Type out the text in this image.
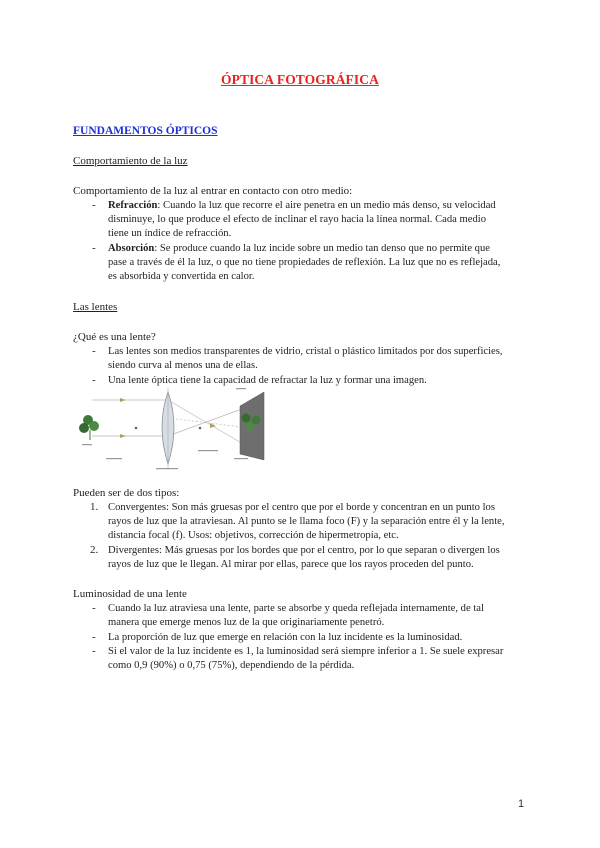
ÓPTICA FOTOGRÁFICA
FUNDAMENTOS ÓPTICOS
Comportamiento de la luz
Comportamiento de la luz al entrar en contacto con otro medio:
- Refracción: Cuando la luz que recorre el aire penetra en un medio más denso, su velocidad
disminuye, lo que produce el efecto de inclinar el rayo hacia la línea normal. Cada medio
tiene un índice de refracción.
- Absorción: Se produce cuando la luz incide sobre un medio tan denso que no permite que
pase a través de él la luz, o que no tiene propiedades de reflexión. La luz que no es reflejada,
es absorbida y convertida en calor.
Las lentes
¿Qué es una lente?
- Las lentes son medios transparentes de vidrio, cristal o plástico limitados por dos superficies,
siendo curva al menos una de ellas.
- Una lente óptica tiene la capacidad de refractar la luz y formar una imagen.
Pueden ser de dos tipos:
1. Convergentes: Son más gruesas por el centro que por el borde y concentran en un punto los
rayos de luz que la atraviesan. Al punto se le llama foco (F) y la separación entre él y la lente,
distancia focal (f). Usos: objetivos, corrección de hipermetropía, etc.
2. Divergentes: Más gruesas por los bordes que por el centro, por lo que separan o divergen los
rayos de luz que le llegan. Al mirar por ellas, parece que los rayos proceden del punto.
Luminosidad de una lente
- Cuando la luz atraviesa una lente, parte se absorbe y queda reflejada internamente, de tal
manera que emerge menos luz de la que originariamente penetró.
- La proporción de luz que emerge en relación con la luz incidente es la luminosidad.
- Si el valor de la luz incidente es 1, la luminosidad será siempre inferior a 1. Se suele expresar
como 0,9 (90%) o 0,75 (75%), dependiendo de la pérdida.
1
